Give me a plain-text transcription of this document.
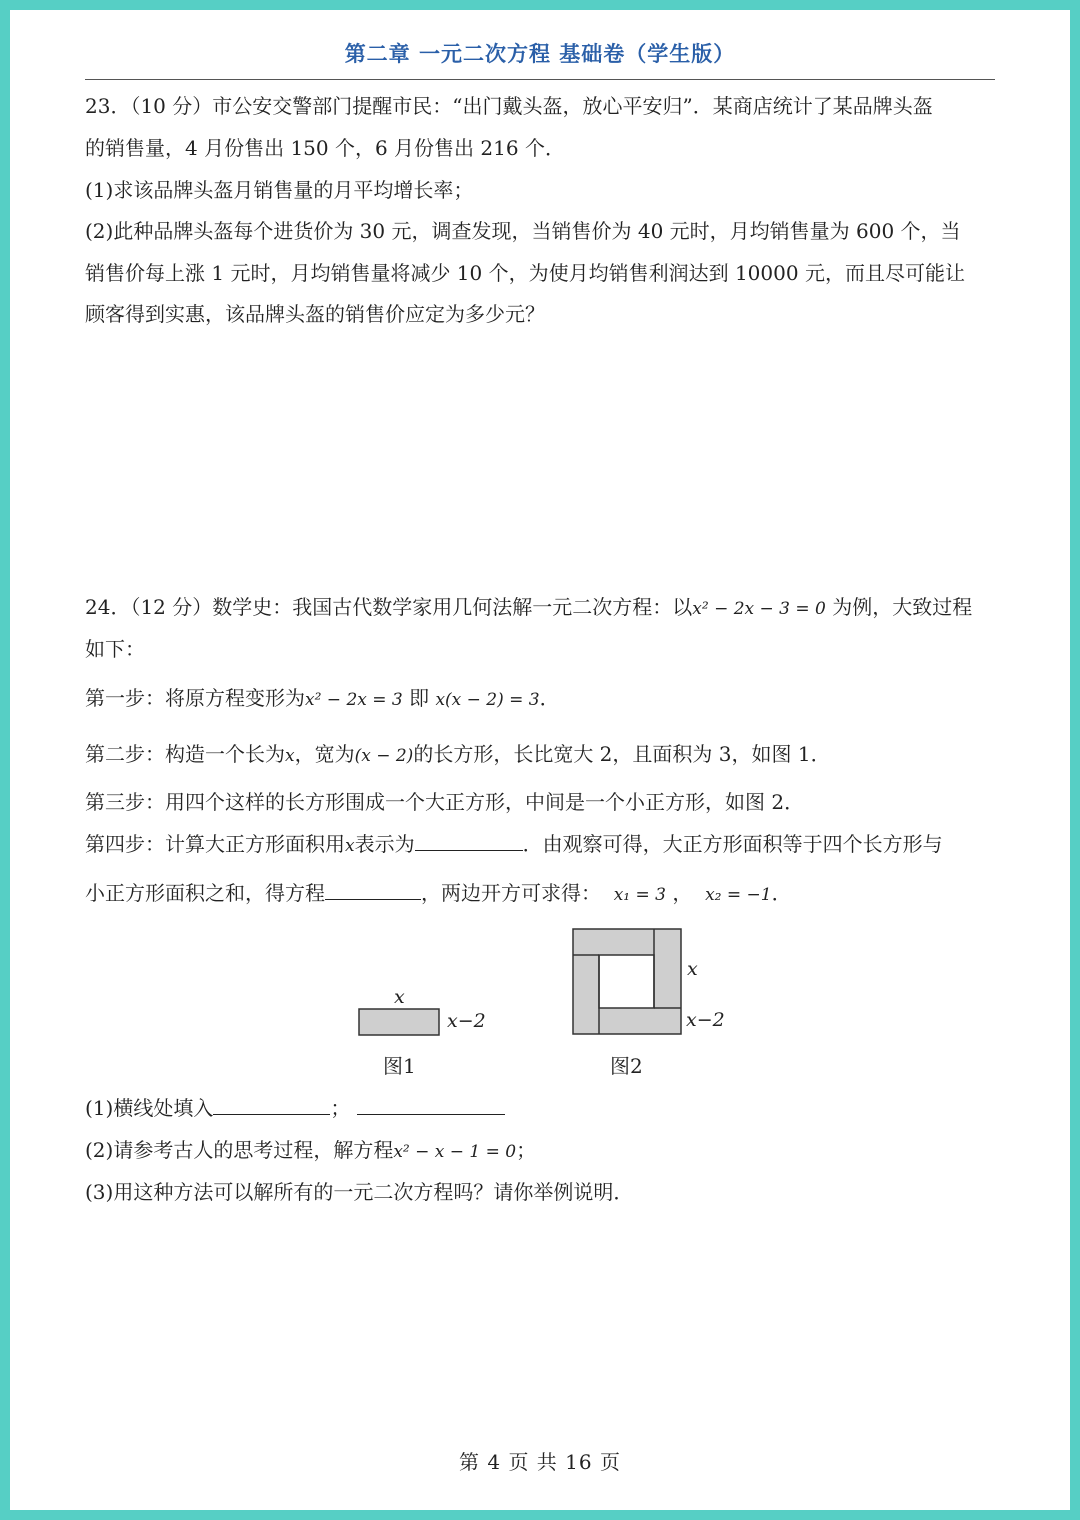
第二章 一元二次方程 基础卷（学生版）
23．（10 分）市公安交警部门提醒市民：“出门戴头盔，放心平安归”．某商店统计了某品牌头盔
的销售量，4 月份售出 150 个，6 月份售出 216 个．
(1)求该品牌头盔月销售量的月平均增长率；
(2)此种品牌头盔每个进货价为 30 元，调查发现，当销售价为 40 元时，月均销售量为 600 个，当
销售价每上涨 1 元时，月均销售量将减少 10 个，为使月均销售利润达到 10000 元，而且尽可能让
顾客得到实惠，该品牌头盔的销售价应定为多少元？
24．（12 分）数学史：我国古代数学家用几何法解一元二次方程：以x² − 2x − 3 = 0 为例，大致过程
如下：
第一步：将原方程变形为x² − 2x = 3 即 x(x − 2) = 3．
第二步：构造一个长为x，宽为(x − 2)的长方形，长比宽大 2，且面积为 3，如图 1．
第三步：用四个这样的长方形围成一个大正方形，中间是一个小正方形，如图 2．
第四步：计算大正方形面积用x表示为	．由观察可得，大正方形面积等于四个长方形与
小正方形面积之和，得方程	，两边开方可求得： x₁ = 3 ， x₂ = −1．
x
x−2
图1
x
x−2
图2
(1)横线处填入	；
(2)请参考古人的思考过程，解方程x² − x − 1 = 0；
(3)用这种方法可以解所有的一元二次方程吗？请你举例说明．
第 4 页 共 16 页
